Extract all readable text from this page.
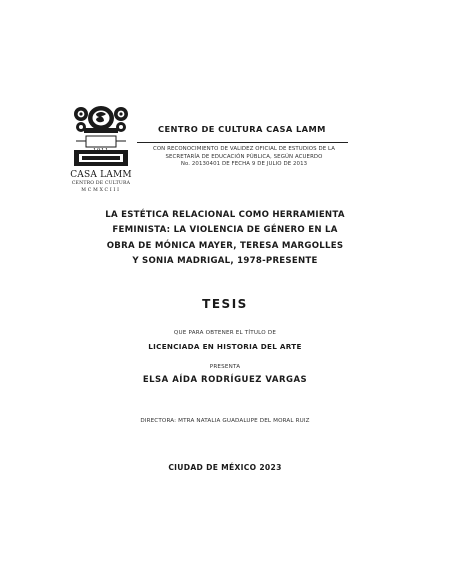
1911
CASA LAMM
CENTRO DE CULTURA
MCMXCIII
CENTRO DE CULTURA CASA LAMM
CON RECONOCIMIENTO DE VALIDEZ OFICIAL DE ESTUDIOS DE LA
SECRETARÍA DE EDUCACIÓN PÚBLICA, SEGÚN ACUERDO
No. 20130401 DE FECHA 9 DE JULIO DE 2013
LA ESTÉTICA RELACIONAL COMO HERRAMIENTA
FEMINISTA: LA VIOLENCIA DE GÉNERO EN LA
OBRA DE MÓNICA MAYER, TERESA MARGOLLES
Y SONIA MADRIGAL, 1978-PRESENTE
TESIS
QUE PARA OBTENER EL TÍTULO DE
LICENCIADA EN HISTORIA DEL ARTE
PRESENTA
ELSA AÍDA RODRÍGUEZ VARGAS
DIRECTORA: MTRA NATALIA GUADALUPE DEL MORAL RUIZ
CIUDAD DE MÉXICO 2023
